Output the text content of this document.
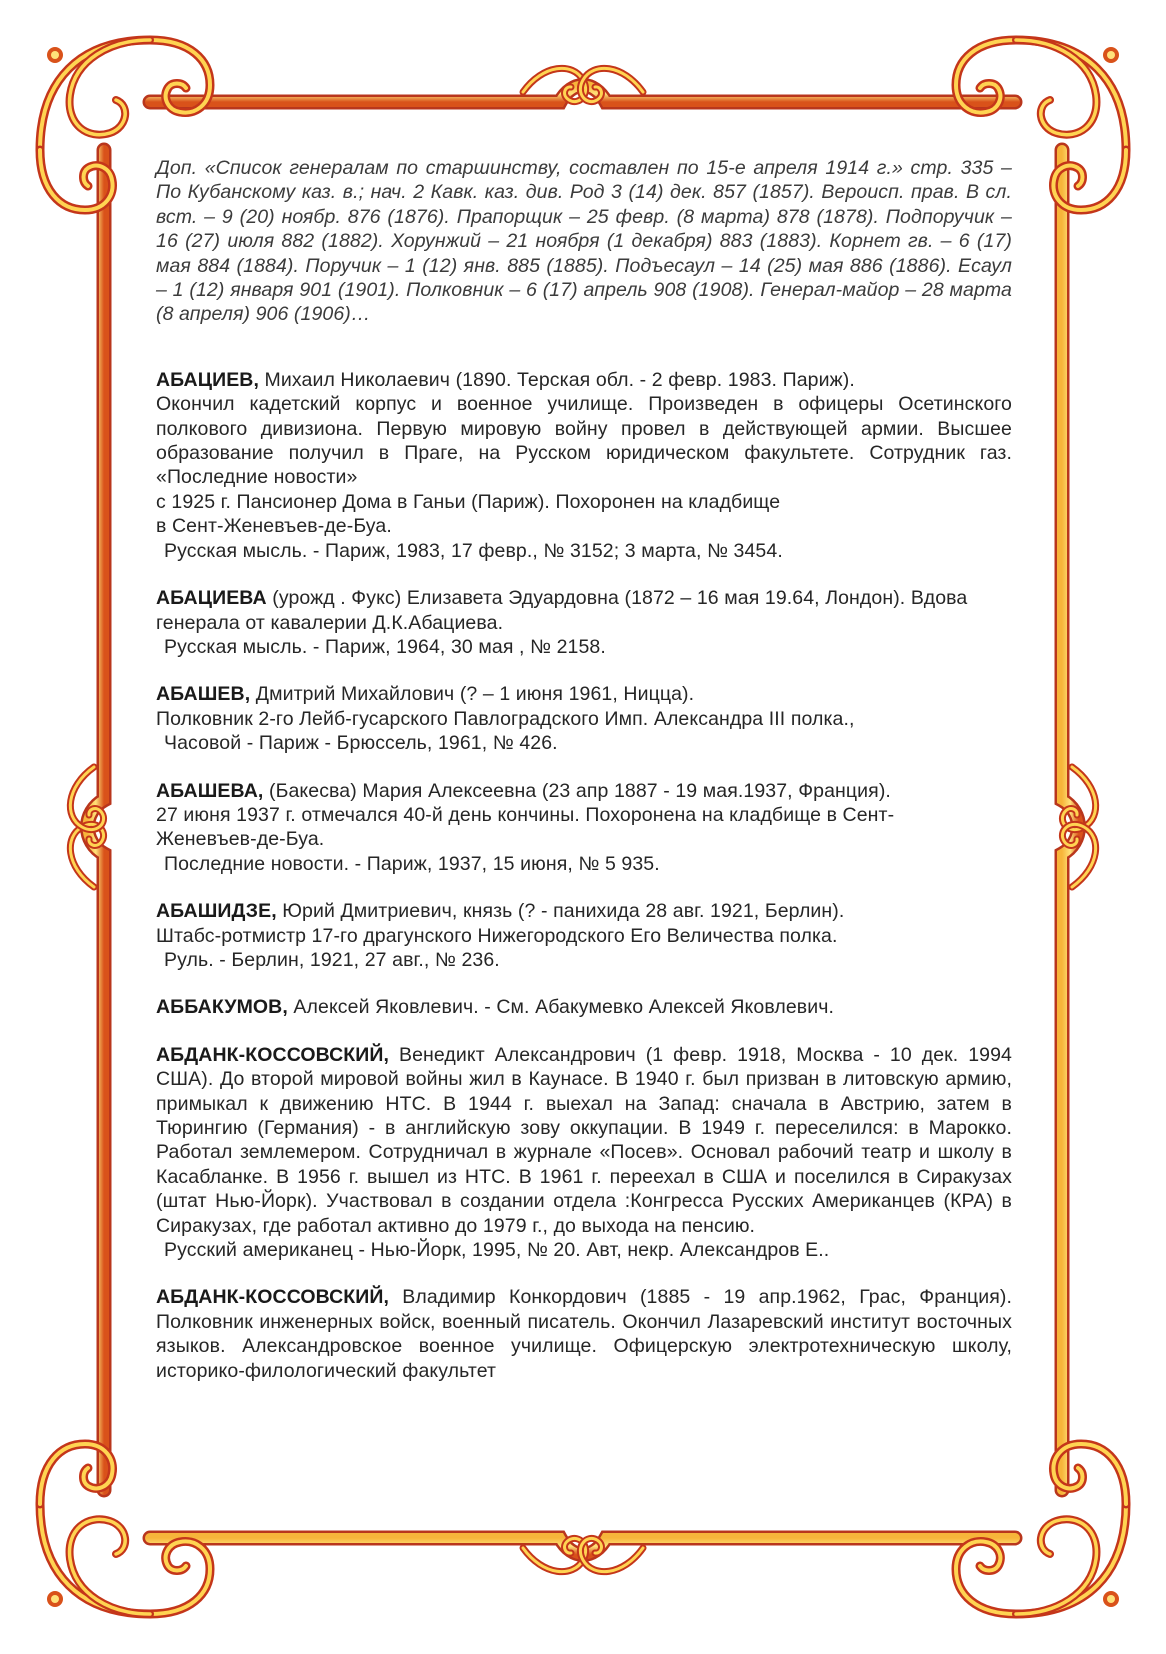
Доп. «Список генералам по старшинству, составлен по 15-е апреля 1914 г.» стр. 335 – По Кубанскому каз. в.; нач. 2 Кавк. каз. див. Род 3 (14) дек. 857 (1857). Вероисп. прав. В сл. вст. – 9 (20) ноябр. 876 (1876). Прапорщик – 25 февр. (8 марта) 878 (1878). Подпоручик – 16 (27) июля 882 (1882). Хорунжий – 21 ноября (1 декабря) 883 (1883). Корнет гв. – 6 (17) мая 884 (1884). Поручик – 1 (12) янв. 885 (1885). Подъесаул – 14 (25) мая 886 (1886). Есаул – 1 (12) января 901 (1901). Полковник – 6 (17) апрель 908 (1908). Генерал-майор – 28 марта (8 апреля) 906 (1906)…

АБАЦИЕВ, Михаил Николаевич (1890. Терская обл. - 2 февр. 1983. Париж).

Окончил кадетский корпус и военное училище. Произведен в офицеры Осетинского полкового дивизиона. Первую мировую войну провел в действующей армии. Высшее образование получил в Праге, на Русском юридическом факультете. Сотрудник газ. «Последние новости»

с 1925 г. Пансионер Дома в Ганьи (Париж). Похоронен на кладбище

в Сент-Женевъев-де-Буа.

Русская мысль. - Париж, 1983, 17 февр., № 3152; 3 марта, № 3454.

АБАЦИЕВА (урожд . Фукс) Елизавета Эдуардовна (1872 – 16 мая 19.64, Лондон). Вдова генерала от кавалерии Д.К.Абациева.

Русская мысль. - Париж, 1964, 30 мая , № 2158.

АБАШЕВ, Дмитрий Михайлович (? – 1 июня 1961, Ницца).

Полковник 2-го Лейб-гусарского Павлоградского Имп. Александра III полка.,

Часовой - Париж - Брюссель, 1961, № 426.

АБАШЕВА, (Бакесва) Мария Алексеевна (23 апр 1887 - 19 мая.1937, Франция).

27 июня 1937 г. отмечался 40-й день кончины. Похоронена на кладбище в Сент-

Женевъев-де-Буа.

Последние новости. - Париж, 1937, 15 июня, № 5 935.

АБАШИДЗЕ, Юрий Дмитриевич, князь (? - панихида 28 авг. 1921, Берлин).

Штабс-ротмистр 17-го драгунского Нижегородского Его Величества полка.

Руль. - Берлин, 1921, 27 авг., № 236.

АББАКУМОВ, Алексей Яковлевич. - См. Абакумевко Алексей Яковлевич.

АБДАНК-КОССОВСКИЙ, Венедикт Александрович (1 февр. 1918, Москва - 10 дек. 1994 США). До второй мировой войны жил в Каунасе. В 1940 г. был призван в литовскую армию, примыкал к движению НТС. В 1944 г. выехал на Запад: сначала в Австрию, затем в Тюрингию (Германия) - в английскую зову оккупации. В 1949 г. переселился: в Марокко. Работал землемером. Сотрудничал в журнале «Посев». Основал рабочий театр и школу в Касабланке. В 1956 г. вышел из НТС. В 1961 г. переехал в США и поселился в Сиракузах (штат Нью-Йорк). Участвовал в создании отдела :Конгресса Русских Американцев (КРА) в Сиракузах, где работал активно до 1979 г., до выхода на пенсию.

Русский американец - Нью-Йорк, 1995, № 20. Авт, некр. Александров Е..

АБДАНК-КОССОВСКИЙ, Владимир Конкордович (1885 - 19 апр.1962, Грас, Франция). Полковник инженерных войск, военный писатель. Окончил Лазаревский институт восточных языков. Александровское военное училище. Офицерскую электротехническую школу, историко-филологический факультет
